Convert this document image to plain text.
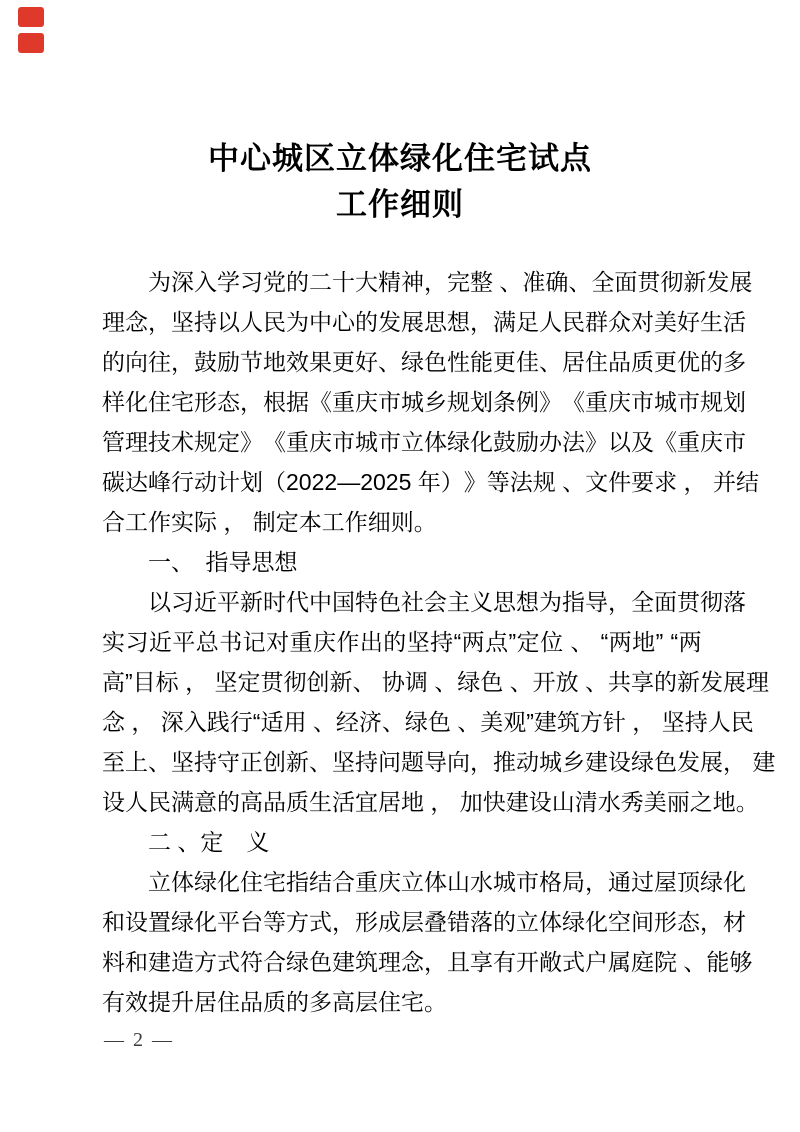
中心城区立体绿化住宅试点
工作细则
为 深 入 学 习 党 的 二 十 大 精 神 ， 完 整
、 准 确 、 全 面 贯 彻 新 发 展
理 念 ， 坚 持 以 人 民 为 中 心 的 发 展 思 想 ， 满 足 人 民 群 众 对 美 好 生 活
的 向 往 ， 鼓 励 节 地 效 果 更 好 、 绿 色 性 能 更 佳 、 居 住 品 质 更 优 的 多
样 化 住 宅 形 态 ， 根 据 《 重 庆 市 城 乡 规 划 条 例 》 《 重 庆 市 城 市 规 划
管 理 技 术 规 定 》 《 重 庆 市 城 市 立 体 绿 化 鼓 励 办 法 》 以 及 《 重 庆 市
碳 达 峰 行 动 计 划 （ 2 0 2 2 — 2 0 2 5
年 ） 》 等 法 规
、 文 件 要 求
，
并 结
合工作实际 ， 制定本工作细则。
一、　指导思想
以 习 近 平 新 时 代 中 国 特 色 社 会 主 义 思 想 为 指 导 ， 全 面 贯 彻 落
实 习 近 平 总 书 记 对 重 庆 作 出 的 坚 持 “ 两 点 ” 定 位
、
“ 两 地 ”
“ 两
高 ” 目 标
，
坚 定 贯 彻 创 新 、
协 调
、 绿 色
、 开 放
、 共 享 的 新 发 展 理
念
，
深 入 践 行 “ 适 用
、 经 济 、 绿 色
、 美 观 ” 建 筑 方 针
，
坚 持 人 民
至 上 、 坚 持 守 正 创 新 、 坚 持 问 题 导 向 ， 推 动 城 乡 建 设 绿 色 发 展 ，
建
设人民满意的高品质生活宜居地 ， 加快建设山清水秀美丽之地。
二 、定　义
立 体 绿 化 住 宅 指 结 合 重 庆 立 体 山 水 城 市 格 局 ， 通 过 屋 顶 绿 化
和 设 置 绿 化 平 台 等 方 式 ， 形 成 层 叠 错 落 的 立 体 绿 化 空 间 形 态 ， 材
料 和 建 造 方 式 符 合 绿 色 建 筑 理 念 ， 且 享 有 开 敞 式 户 属 庭 院
、 能 够
有效提升居住品质的多高层住宅。
— 2 —
